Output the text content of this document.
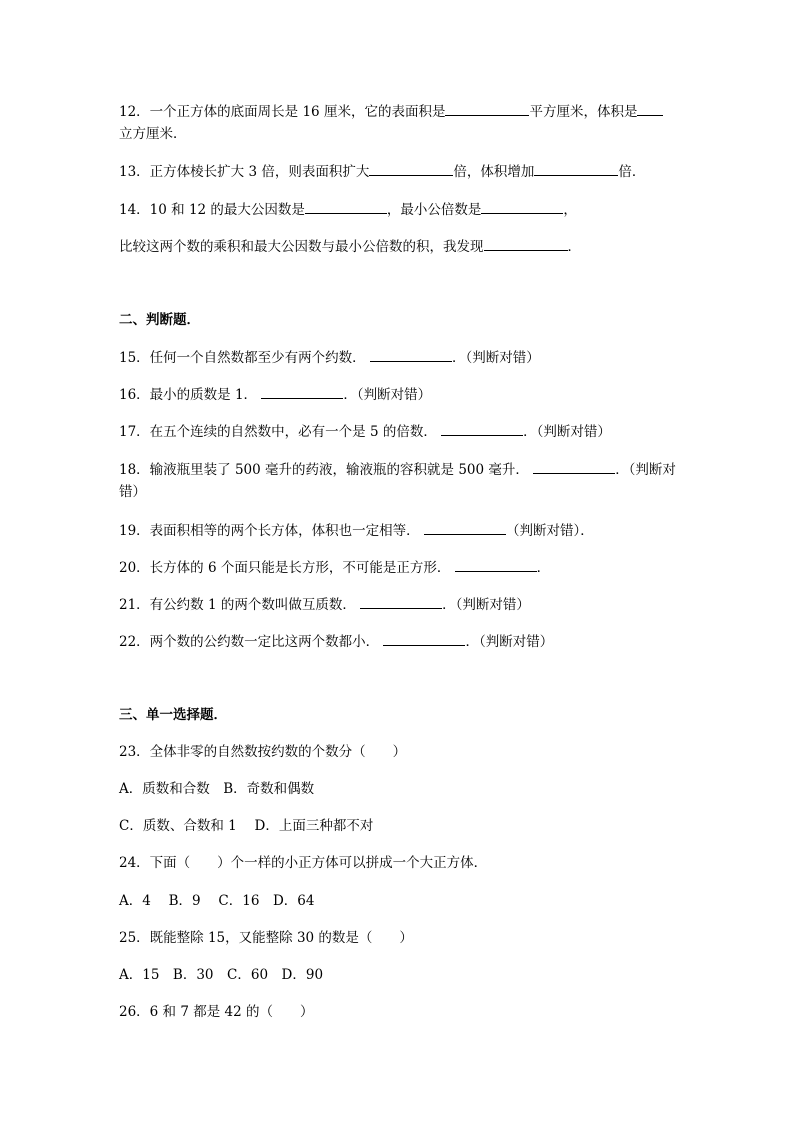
12．一个正方体的底面周长是 16 厘米，它的表面积是	平方厘米，体积是
立方厘米．
13．正方体棱长扩大 3 倍，则表面积扩大	倍，体积增加	倍．
14．10 和 12 的最大公因数是	，最小公倍数是	，
比较这两个数的乘积和最大公因数与最小公倍数的积，我发现	．
二、判断题．
15．任何一个自然数都至少有两个约数．	．（判断对错）
16．最小的质数是 1．	．（判断对错）
17．在五个连续的自然数中，必有一个是 5 的倍数．	．（判断对错）
18．输液瓶里装了 500 毫升的药液，输液瓶的容积就是 500 毫升．	．（判断对
错）
19．表面积相等的两个长方体，体积也一定相等．	（判断对错）．
20．长方体的 6 个面只能是长方形，不可能是正方形．	．
21．有公约数 1 的两个数叫做互质数．	．（判断对错）
22．两个数的公约数一定比这两个数都小．	．（判断对错）
三、单一选择题．
23．全体非零的自然数按约数的个数分（　　）
A．质数和合数　B．奇数和偶数
C．质数、合数和 1　 D．上面三种都不对
24．下面（　　）个一样的小正方体可以拼成一个大正方体．
A．4　 B．9　 C．16　D．64
25．既能整除 15，又能整除 30 的数是（　　）
A．15　B．30　C．60　D．90
26．6 和 7 都是 42 的（　　）
